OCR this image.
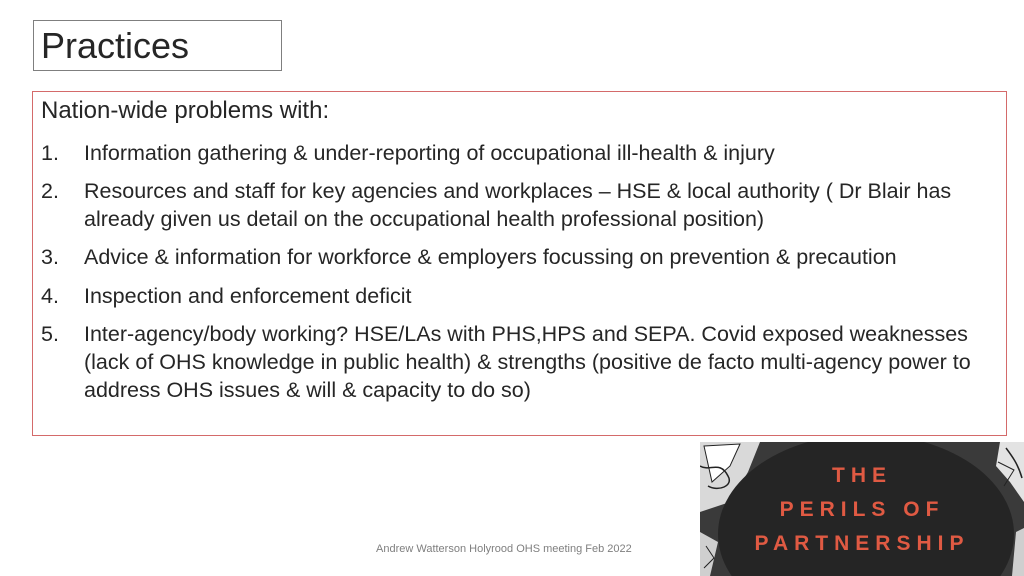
Practices
Nation-wide problems with:
1.	Information gathering & under-reporting of occupational ill-health & injury
2.	Resources and staff for key agencies and workplaces – HSE & local authority ( Dr Blair has already given us detail on the occupational health professional position)
3.	Advice & information for workforce & employers focussing on prevention & precaution
4.	Inspection and enforcement deficit
5.	Inter-agency/body working? HSE/LAs with PHS,HPS and SEPA. Covid exposed weaknesses (lack of OHS knowledge in public health) & strengths (positive de facto multi-agency power to address OHS issues & will & capacity to do so)
Andrew Watterson Holyrood OHS meeting Feb 2022
THE
PERILS OF
PARTNERSHIP
